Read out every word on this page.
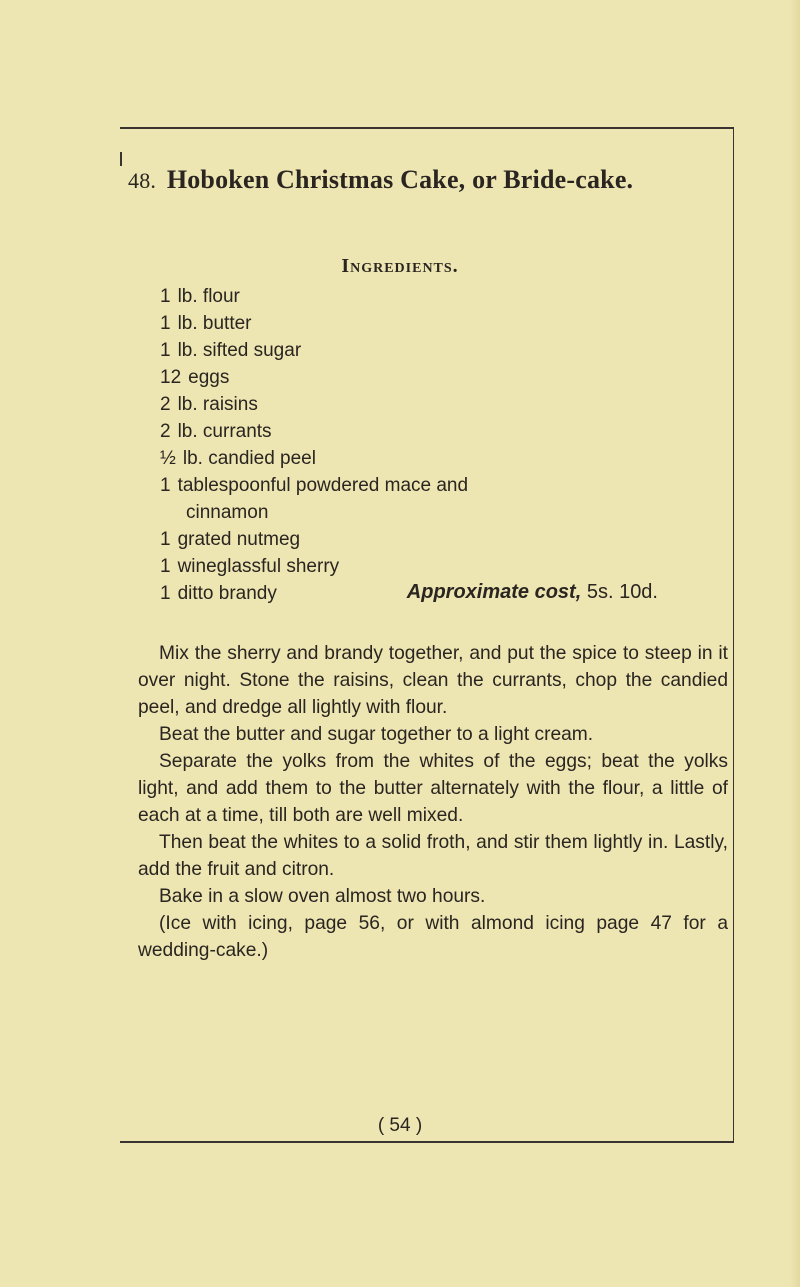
48. Hoboken Christmas Cake, or Bride-cake.
Ingredients.
1 lb. flour
1 lb. butter
1 lb. sifted sugar
12 eggs
2 lb. raisins
2 lb. currants
½ lb. candied peel
1 tablespoonful powdered mace and
cinnamon
1 grated nutmeg
1 wineglassful sherry
1 ditto brandy	Approximate cost, 5s. 10d.

Mix the sherry and brandy together, and put the spice to steep in it over night. Stone the raisins, clean the currants, chop the candied peel, and dredge all lightly with flour.

Beat the butter and sugar together to a light cream.

Separate the yolks from the whites of the eggs; beat the yolks light, and add them to the butter alternately with the flour, a little of each at a time, till both are well mixed.

Then beat the whites to a solid froth, and stir them lightly in. Lastly, add the fruit and citron.

Bake in a slow oven almost two hours.

(Ice with icing, page 56, or with almond icing page 47 for a wedding-cake.)

( 54 )
